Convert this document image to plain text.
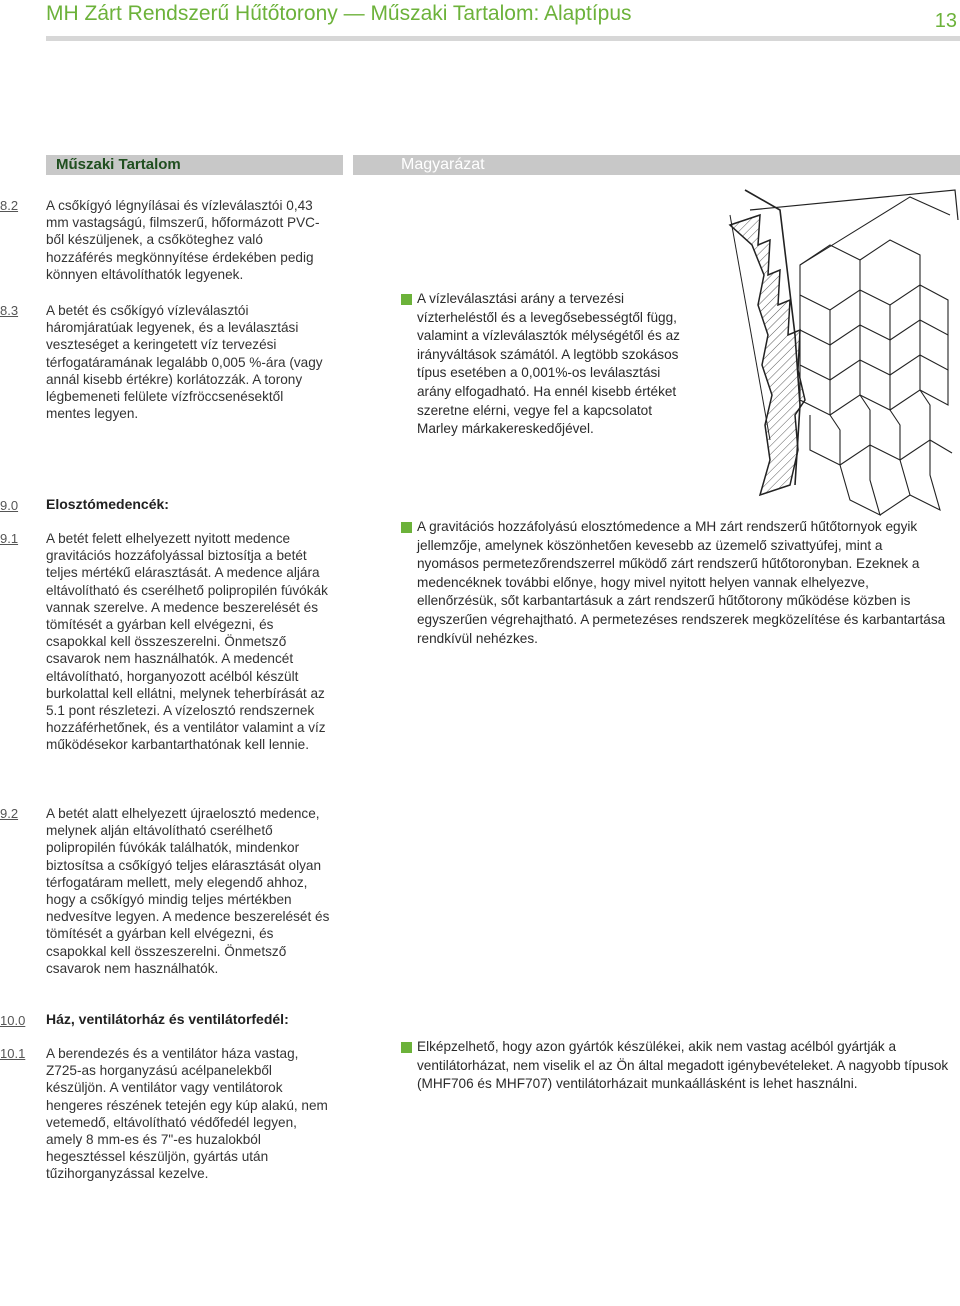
MH Zárt Rendszerű Hűtőtorony — Műszaki Tartalom: Alaptípus	13
Műszaki Tartalom	Magyarázat
8.2 A csőkígyó légnyílásai és vízleválasztói 0,43 mm vastagságú, filmszerű, hőformázott PVC-ből készüljenek, a csőköteghez való hozzáférés megkönnyítése érdekében pedig könnyen eltávolíthatók legyenek.
8.3 A betét és csőkígyó vízleválasztói háromjáratúak legyenek, és a leválasztási veszteséget a keringetett víz tervezési térfogatáramának legalább 0,005 %-ára (vagy annál kisebb értékre) korlátozzák. A torony légbemeneti felülete vízfröccsenésektől mentes legyen.
9.0 Elosztómedencék:
9.1 A betét felett elhelyezett nyitott medence gravitációs hozzáfolyással biztosítja a betét teljes mértékű elárasztását. A medence aljára eltávolítható és cserélhető polipropilén fúvókák vannak szerelve. A medence beszerelését és tömítését a gyárban kell elvégezni, és csapokkal kell összeszerelni. Önmetsző csavarok nem használhatók. A medencét eltávolítható, horganyozott acélból készült burkolattal kell ellátni, melynek teherbírását az 5.1 pont részletezi. A vízelosztó rendszernek hozzáférhetőnek, és a ventilátor valamint a víz működésekor karbantarthatónak kell lennie.
9.2 A betét alatt elhelyezett újraelosztó medence, melynek alján eltávolítható cserélhető polipropilén fúvókák találhatók, mindenkor biztosítsa a csőkígyó teljes elárasztását olyan térfogatáram mellett, mely elegendő ahhoz, hogy a csőkígyó mindig teljes mértékben nedvesítve legyen. A medence beszerelését és tömítését a gyárban kell elvégezni, és csapokkal kell összeszerelni. Önmetsző csavarok nem használhatók.
10.0 Ház, ventilátorház és ventilátorfedél:
10.1 A berendezés és a ventilátor háza vastag, Z725-as horganyzású acélpanelekből készüljön. A ventilátor vagy ventilátorok hengeres részének tetején egy kúp alakú, nem vetemedő, eltávolítható védőfedél legyen, amely 8 mm-es és 7"-es huzalokból hegesztéssel készüljön, gyártás után tűzihorganyzással kezelve.
A vízleválasztási arány a tervezési vízterheléstől és a levegősebességtől függ, valamint a vízleválasztók mélységétől és az irányváltások számától. A legtöbb szokásos típus esetében a 0,001%-os leválasztási arány elfogadható. Ha ennél kisebb értéket szeretne elérni, vegye fel a kapcsolatot Marley márkakereskedőjével.
A gravitációs hozzáfolyású elosztómedence a MH zárt rendszerű hűtőtornyok egyik jellemzője, amelynek köszönhetően kevesebb az üzemelő szivattyúfej, mint a nyomásos permetezőrendszerrel működő zárt rendszerű hűtőtoronyban. Ezeknek a medencéknek további előnye, hogy mivel nyitott helyen vannak elhelyezve, ellenőrzésük, sőt karbantartásuk a zárt rendszerű hűtőtorony működése közben is egyszerűen végrehajtható. A permetezéses rendszerek megközelítése és karbantartása rendkívül nehézkes.
Elképzelhető, hogy azon gyártók készülékei, akik nem vastag acélból gyártják a ventilátorházat, nem viselik el az Ön által megadott igénybevételeket. A nagyobb típusok (MHF706 és MHF707) ventilátorházait munkaállásként is lehet használni.
